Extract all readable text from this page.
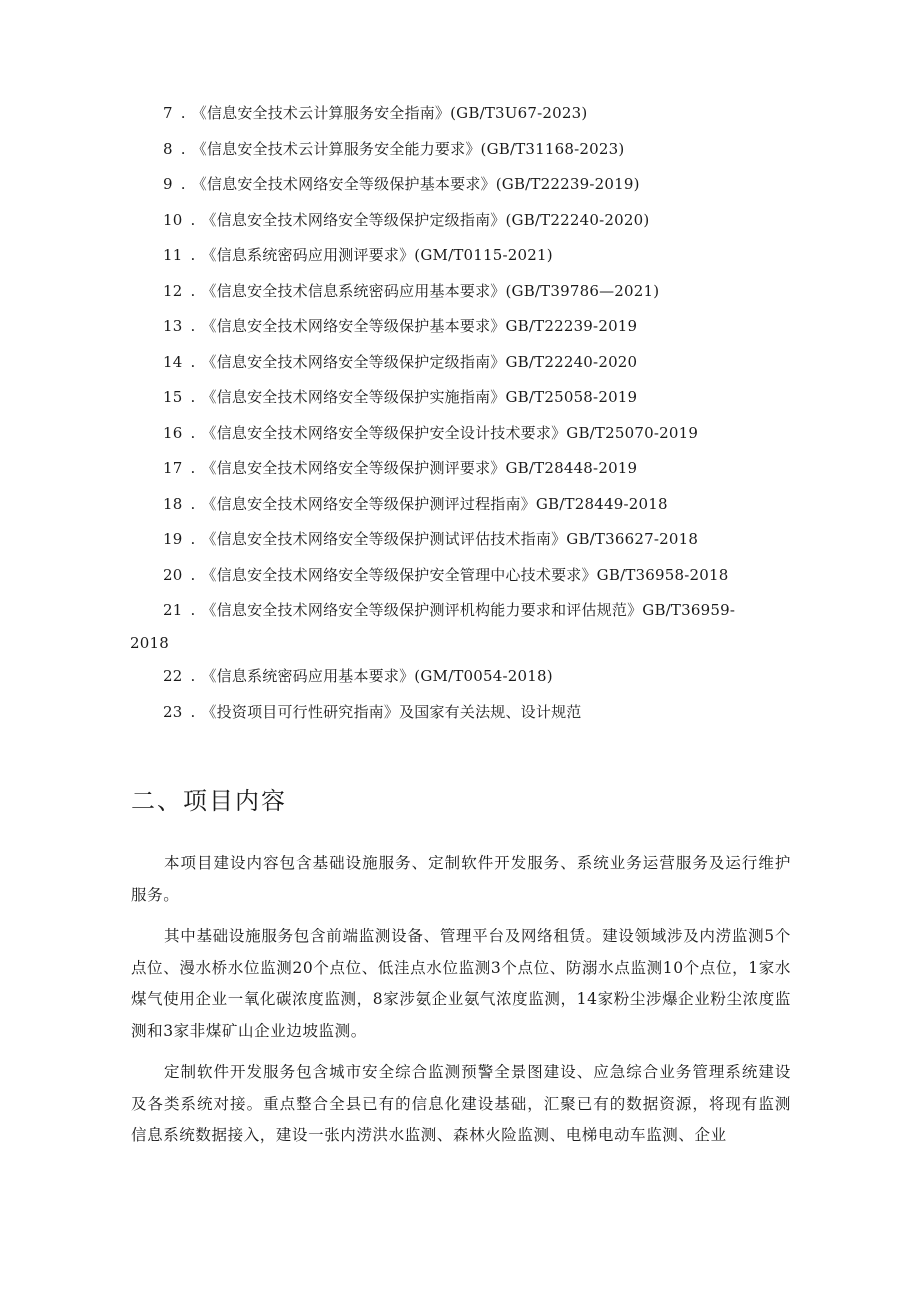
7 . 《信息安全技术云计算服务安全指南》(GB/T3U67-2023)
8 . 《信息安全技术云计算服务安全能力要求》(GB/T31168-2023)
9 . 《信息安全技术网络安全等级保护基本要求》(GB/T22239-2019)
10 . 《信息安全技术网络安全等级保护定级指南》(GB/T22240-2020)
11 . 《信息系统密码应用测评要求》(GM/T0115-2021)
12 . 《信息安全技术信息系统密码应用基本要求》(GB/T39786—2021)
13 . 《信息安全技术网络安全等级保护基本要求》GB/T22239-2019
14 . 《信息安全技术网络安全等级保护定级指南》GB/T22240-2020
15 . 《信息安全技术网络安全等级保护实施指南》GB/T25058-2019
16 . 《信息安全技术网络安全等级保护安全设计技术要求》GB/T25070-2019
17 . 《信息安全技术网络安全等级保护测评要求》GB/T28448-2019
18 . 《信息安全技术网络安全等级保护测评过程指南》GB/T28449-2018
19 . 《信息安全技术网络安全等级保护测试评估技术指南》GB/T36627-2018
20 . 《信息安全技术网络安全等级保护安全管理中心技术要求》GB/T36958-2018
21 . 《信息安全技术网络安全等级保护测评机构能力要求和评估规范》GB/T36959-
2018
22 . 《信息系统密码应用基本要求》(GM/T0054-2018)
23 . 《投资项目可行性研究指南》及国家有关法规、设计规范
二、项目内容

本项目建设内容包含基础设施服务、定制软件开发服务、系统业务运营服务及运行维护服务。

其中基础设施服务包含前端监测设备、管理平台及网络租赁。建设领域涉及内涝监测5个点位、漫水桥水位监测20个点位、低洼点水位监测3个点位、防溺水点监测10个点位，1家水煤气使用企业一氧化碳浓度监测，8家涉氨企业氨气浓度监测，14家粉尘涉爆企业粉尘浓度监测和3家非煤矿山企业边坡监测。

定制软件开发服务包含城市安全综合监测预警全景图建设、应急综合业务管理系统建设及各类系统对接。重点整合全县已有的信息化建设基础，汇聚已有的数据资源，将现有监测信息系统数据接入，建设一张内涝洪水监测、森林火险监测、电梯电动车监测、企业
